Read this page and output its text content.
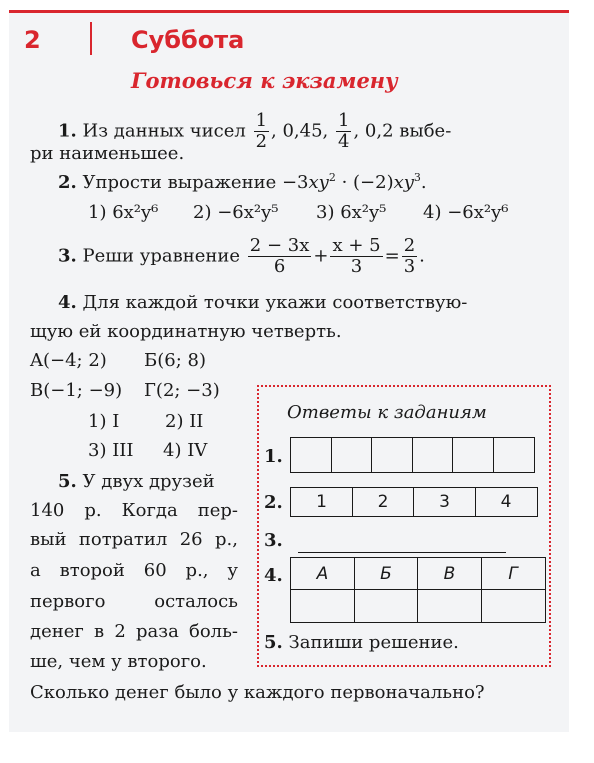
2	Суббота
Готовься к экзамену
1. Из данных чисел $\frac{1}{2}$ , 0,45, $\frac{1}{4}$ , 0,2 выбе-
ри наименьшее.
2. Упрости выражение $-3xy^2 \cdot (-2)xy^3$.
1) 6x²y⁶ 2) −6x²y⁵ 3) 6x²y⁵ 4) −6x²y⁶
3. Реши уравнение $\frac{2 - 3x}{6} + \frac{x + 5}{3} = \frac{2}{3}$ .
4. Для каждой точки укажи соответствую-
щую ей координатную четверть.
A(−4; 2) Б(6; 8)
В(−1; −9) Г(2; −3)
1) I	2) II
3) III 4) IV
5. У двух друзей
140 р. Когда пер-
вый потратил 26 р.,
а второй 60 р., у
первого осталось
денег в 2 раза боль-
ше, чем у второго.
Сколько денег было у каждого первоначально?
Ответы к заданиям
1.
2.	1	2	3	4
3.
4.	А	Б	В	Г
5. Запиши решение.
